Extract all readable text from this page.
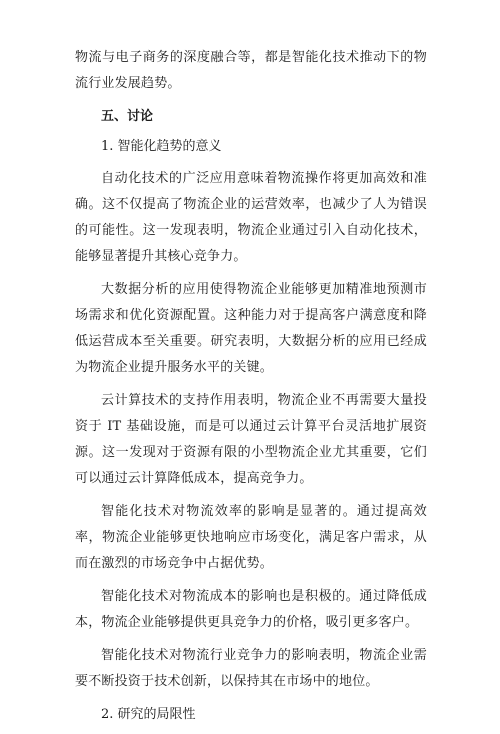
物流与电子商务的深度融合等，都是智能化技术推动下的物流行业发展趋势。

五、讨论

1. 智能化趋势的意义

自动化技术的广泛应用意味着物流操作将更加高效和准确。这不仅提高了物流企业的运营效率，也减少了人为错误的可能性。这一发现表明，物流企业通过引入自动化技术，能够显著提升其核心竞争力。

大数据分析的应用使得物流企业能够更加精准地预测市场需求和优化资源配置。这种能力对于提高客户满意度和降低运营成本至关重要。研究表明，大数据分析的应用已经成为物流企业提升服务水平的关键。

云计算技术的支持作用表明，物流企业不再需要大量投资于 IT 基础设施，而是可以通过云计算平台灵活地扩展资源。这一发现对于资源有限的小型物流企业尤其重要，它们可以通过云计算降低成本，提高竞争力。

智能化技术对物流效率的影响是显著的。通过提高效率，物流企业能够更快地响应市场变化，满足客户需求，从而在激烈的市场竞争中占据优势。

智能化技术对物流成本的影响也是积极的。通过降低成本，物流企业能够提供更具竞争力的价格，吸引更多客户。

智能化技术对物流行业竞争力的影响表明，物流企业需要不断投资于技术创新，以保持其在市场中的地位。

2. 研究的局限性
